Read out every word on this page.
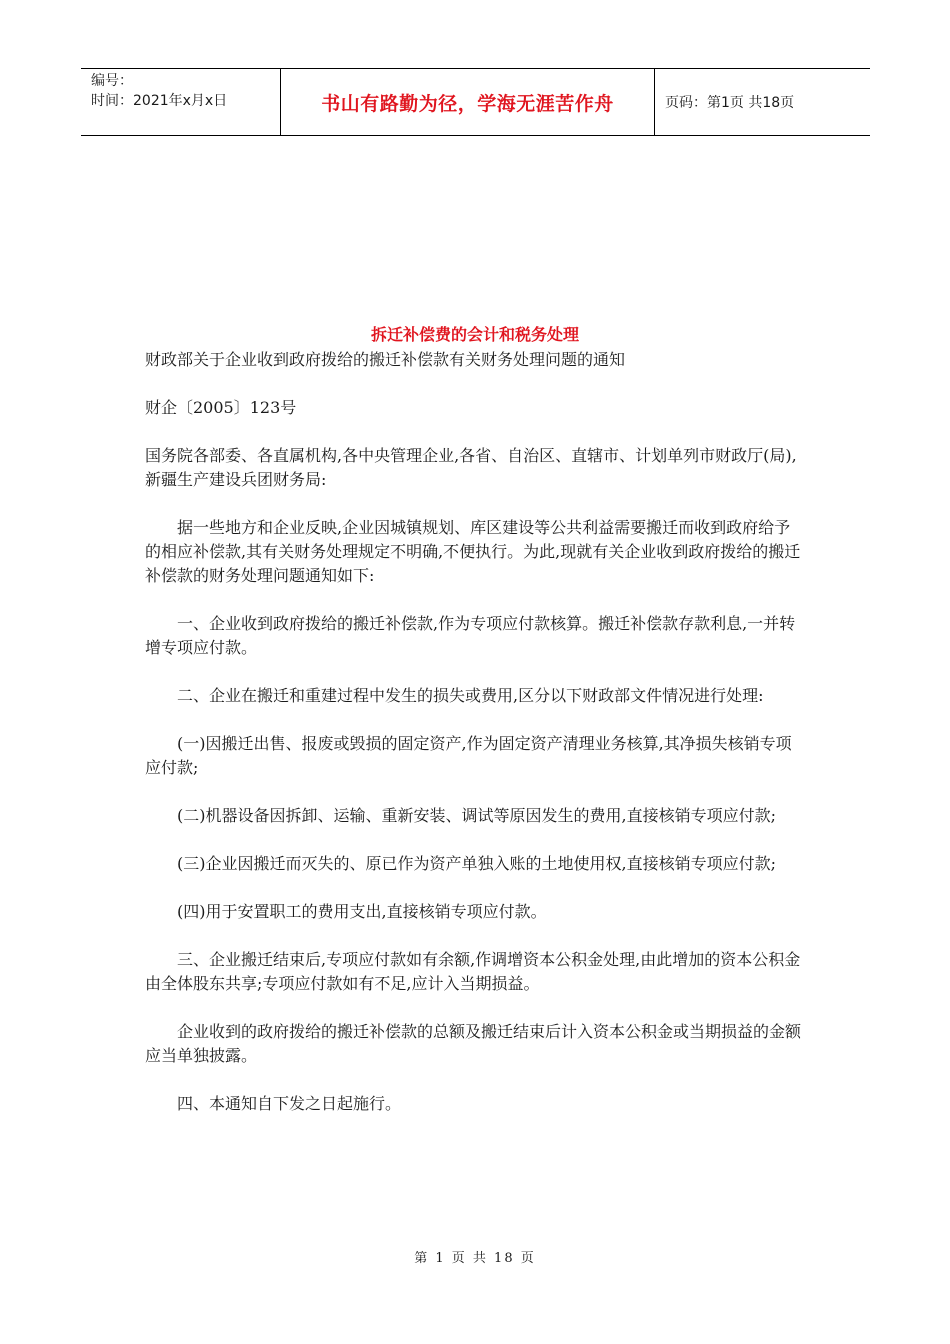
编号：
时间：2021年x月x日	书山有路勤为径，学海无涯苦作舟	页码：第1页 共18页
拆迁补偿费的会计和税务处理

财政部关于企业收到政府拨给的搬迁补偿款有关财务处理问题的通知

财企〔2005〕123号

国务院各部委、各直属机构,各中央管理企业,各省、自治区、直辖市、计划单列市财政厅(局),新疆生产建设兵团财务局:

据一些地方和企业反映,企业因城镇规划、库区建设等公共利益需要搬迁而收到政府给予的相应补偿款,其有关财务处理规定不明确,不便执行。为此,现就有关企业收到政府拨给的搬迁补偿款的财务处理问题通知如下:

一、企业收到政府拨给的搬迁补偿款,作为专项应付款核算。搬迁补偿款存款利息,一并转增专项应付款。

二、企业在搬迁和重建过程中发生的损失或费用,区分以下财政部文件情况进行处理:

(一)因搬迁出售、报废或毁损的固定资产,作为固定资产清理业务核算,其净损失核销专项应付款;

(二)机器设备因拆卸、运输、重新安装、调试等原因发生的费用,直接核销专项应付款;

(三)企业因搬迁而灭失的、原已作为资产单独入账的土地使用权,直接核销专项应付款;

(四)用于安置职工的费用支出,直接核销专项应付款。

三、企业搬迁结束后,专项应付款如有余额,作调增资本公积金处理,由此增加的资本公积金由全体股东共享;专项应付款如有不足,应计入当期损益。

企业收到的政府拨给的搬迁补偿款的总额及搬迁结束后计入资本公积金或当期损益的金额应当单独披露。

四、本通知自下发之日起施行。

第 1 页 共 18 页
